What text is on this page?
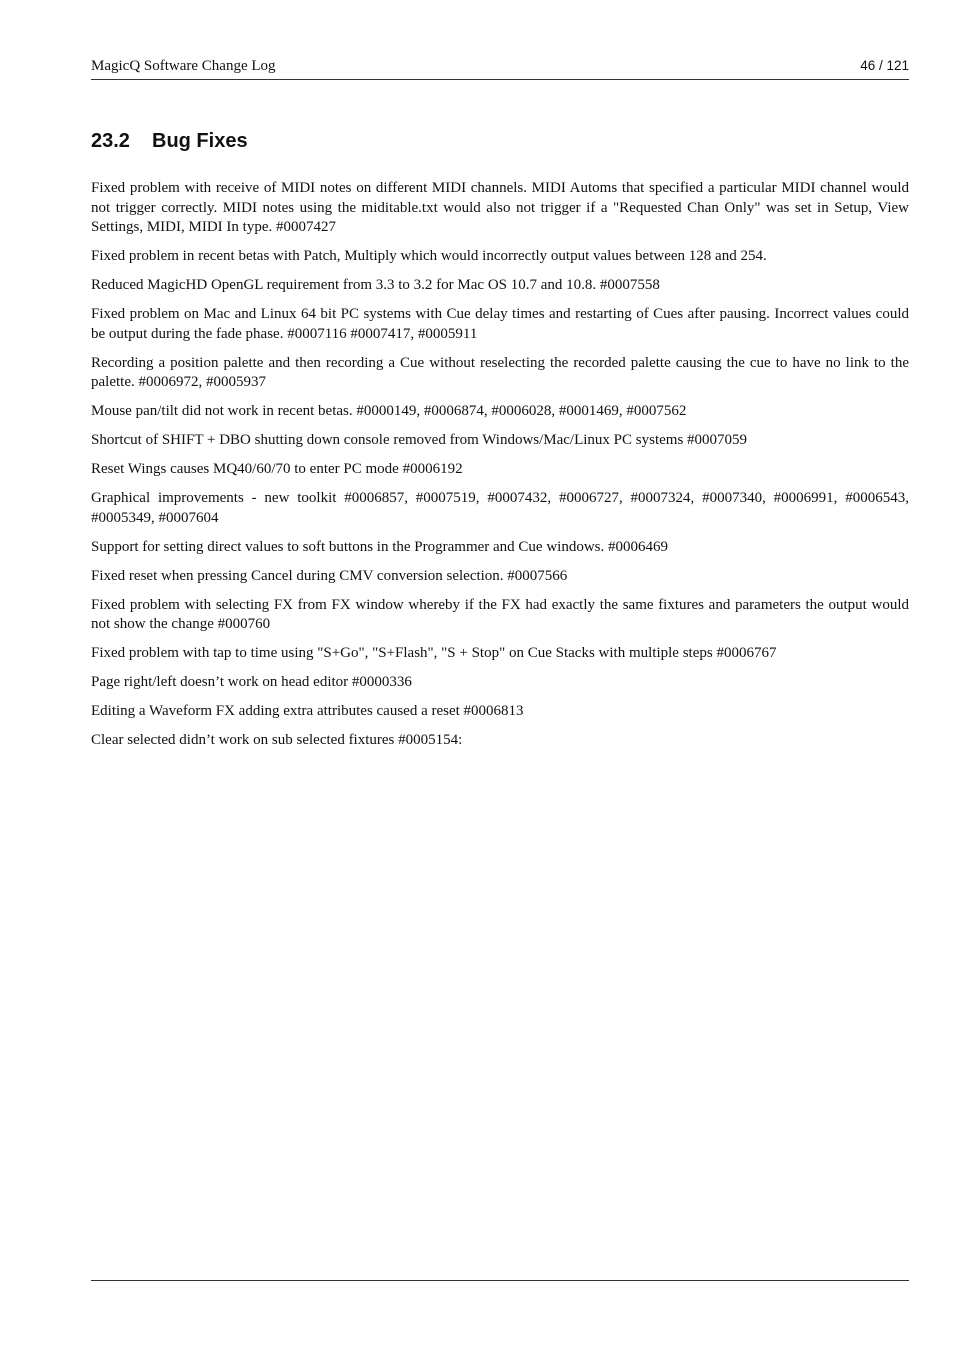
MagicQ Software Change Log	46 / 121
23.2 Bug Fixes
Fixed problem with receive of MIDI notes on different MIDI channels. MIDI Automs that specified a particular MIDI channel would not trigger correctly. MIDI notes using the miditable.txt would also not trigger if a "Requested Chan Only" was set in Setup, View Settings, MIDI, MIDI In type. #0007427
Fixed problem in recent betas with Patch, Multiply which would incorrectly output values between 128 and 254.
Reduced MagicHD OpenGL requirement from 3.3 to 3.2 for Mac OS 10.7 and 10.8. #0007558
Fixed problem on Mac and Linux 64 bit PC systems with Cue delay times and restarting of Cues after pausing. Incorrect values could be output during the fade phase. #0007116 #0007417, #0005911
Recording a position palette and then recording a Cue without reselecting the recorded palette causing the cue to have no link to the palette. #0006972, #0005937
Mouse pan/tilt did not work in recent betas. #0000149, #0006874, #0006028, #0001469, #0007562
Shortcut of SHIFT + DBO shutting down console removed from Windows/Mac/Linux PC systems #0007059
Reset Wings causes MQ40/60/70 to enter PC mode #0006192
Graphical improvements - new toolkit #0006857, #0007519, #0007432, #0006727, #0007324, #0007340, #0006991, #0006543, #0005349, #0007604
Support for setting direct values to soft buttons in the Programmer and Cue windows. #0006469
Fixed reset when pressing Cancel during CMV conversion selection. #0007566
Fixed problem with selecting FX from FX window whereby if the FX had exactly the same fixtures and parameters the output would not show the change #000760
Fixed problem with tap to time using "S+Go", "S+Flash", "S + Stop" on Cue Stacks with multiple steps #0006767
Page right/left doesn’t work on head editor #0000336
Editing a Waveform FX adding extra attributes caused a reset #0006813
Clear selected didn’t work on sub selected fixtures #0005154:
